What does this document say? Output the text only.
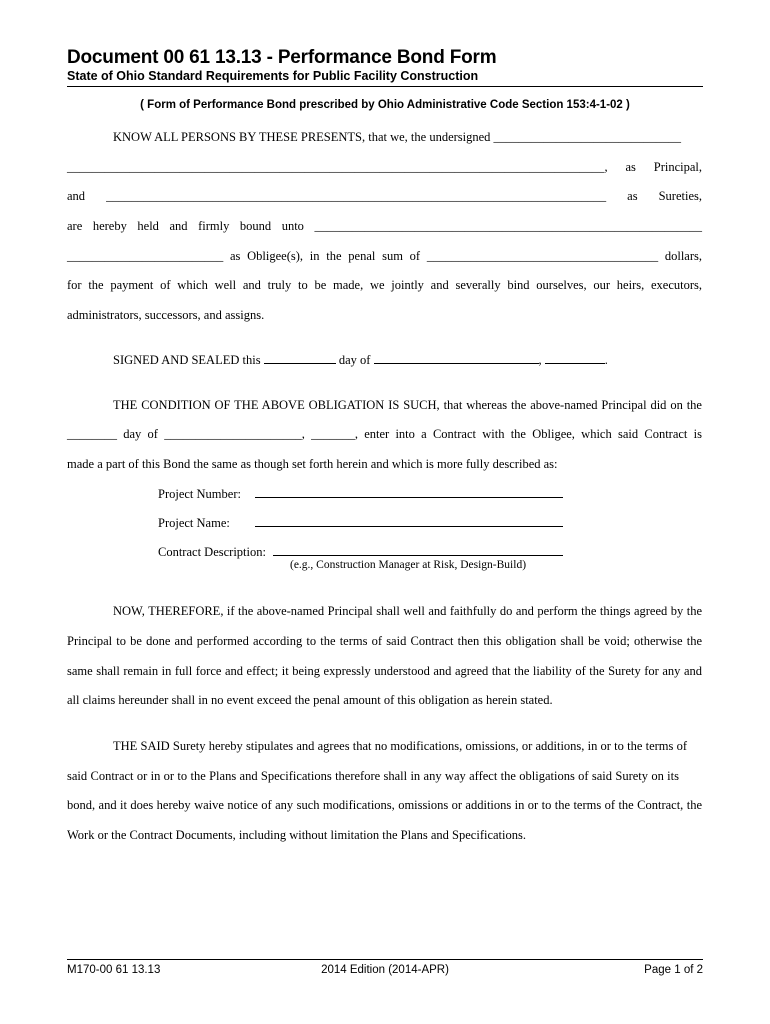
Document 00 61 13.13 - Performance Bond Form
State of Ohio Standard Requirements for Public Facility Construction
( Form of Performance Bond prescribed by Ohio Administrative Code Section 153:4-1-02 )
KNOW ALL PERSONS BY THESE PRESENTS, that we, the undersigned ______________________________
______________________________________________________________________________________, as Principal,
and ________________________________________________________________________________ as Sureties,
are hereby held and firmly bound unto ______________________________________________________________
_________________________ as Obligee(s), in the penal sum of _____________________________________ dollars,
for the payment of which well and truly to be made, we jointly and severally bind ourselves, our heirs, executors,
administrators, successors, and assigns.
SIGNED AND SEALED this	day of	,	.
THE CONDITION OF THE ABOVE OBLIGATION IS SUCH, that whereas the above-named Principal did on the
________ day of ______________________, _______, enter into a Contract with the Obligee, which said Contract is
made a part of this Bond the same as though set forth herein and which is more fully described as:
Project Number:
Project Name:
Contract Description:
(e.g., Construction Manager at Risk, Design-Build)
NOW, THEREFORE, if the above-named Principal shall well and faithfully do and perform the things agreed by the
Principal to be done and performed according to the terms of said Contract then this obligation shall be void; otherwise the
same shall remain in full force and effect; it being expressly understood and agreed that the liability of the Surety for any and
all claims hereunder shall in no event exceed the penal amount of this obligation as herein stated.
THE SAID Surety hereby stipulates and agrees that no modifications, omissions, or additions, in or to the terms of
said Contract or in or to the Plans and Specifications therefore shall in any way affect the obligations of said Surety on its
bond, and it does hereby waive notice of any such modifications, omissions or additions in or to the terms of the Contract, the
Work or the Contract Documents, including without limitation the Plans and Specifications.
M170-00 61 13.13	2014 Edition (2014-APR)	Page 1 of 2
